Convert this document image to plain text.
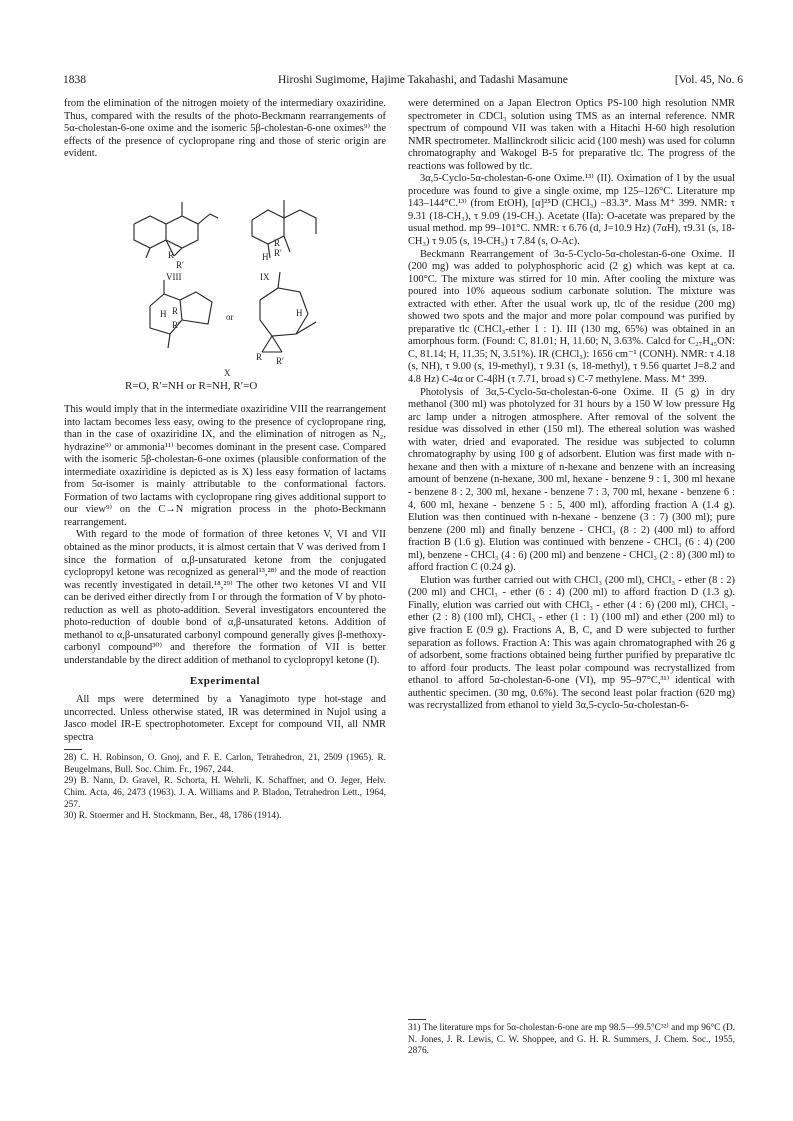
1838	Hiroshi Sugimome, Hajime Takahashi, and Tadashi Masamune	[Vol. 45, No. 6

from the elimination of the nitrogen moiety of the intermediary oxaziridine. Thus, compared with the results of the photo-Beckmann rearrangements of 5α-cholestan-6-one oxime and the isomeric 5β-cholestan-6-one oximes⁹⁾ the effects of the presence of cyclopropane ring and those of steric origin are evident.

R
R′
R
R′
H
H R
R′
H
R R′
VIII	IX
X
or
R=O, R′=NH or R=NH, R′=O

This would imply that in the intermediate oxaziridine VIII the rearrangement into lactam becomes less easy, owing to the presence of cyclopropane ring, than in the case of oxaziridine IX, and the elimination of nitrogen as N₂, hydrazine⁹⁾ or ammonia¹¹⁾ becomes dominant in the present case. Compared with the isomeric 5β-cholestan-6-one oximes (plausible conformation of the intermediate oxaziridine is depicted as is X) less easy formation of lactams from 5α-isomer is mainly attributable to the conformational factors. Formation of two lactams with cyclopropane ring gives additional support to our view⁹⁾ on the C→N migration process in the photo-Beckmann rearrangement.

With regard to the mode of formation of three ketones V, VI and VII obtained as the minor products, it is almost certain that V was derived from I since the formation of α,β-unsaturated ketone from the conjugated cyclopropyl ketone was recognized as general¹³,²⁸⁾ and the mode of reaction was recently investigated in detail.¹⁸,²⁹⁾ The other two ketones VI and VII can be derived either directly from I or through the formation of V by photo-reduction as well as photo-addition. Several investigators encountered the photo-reduction of double bond of α,β-unsaturated ketons. Addition of methanol to α,β-unsaturated carbonyl compound generally gives β-methoxy-carbonyl compound³⁰⁾ and therefore the formation of VII is better understandable by the direct addition of methanol to cyclopropyl ketone (I).

Experimental

All mps were determined by a Yanagimoto type hot-stage and uncorrected. Unless otherwise stated, IR was determined in Nujol using a Jasco model IR-E spectrophotometer. Except for compound VII, all NMR spectra

28) C. H. Robinson, O. Gnoj, and F. E. Carlon, Tetrahedron, 21, 2509 (1965). R. Beugelmans, Bull. Soc. Chim. Fr., 1967, 244.

29) B. Nann, D. Gravel, R. Schorta, H. Wehrli, K. Schaffner, and O. Jeger, Helv. Chim. Acta, 46, 2473 (1963). J. A. Williams and P. Bladon, Tetrahedron Lett., 1964, 257.

30) R. Stoermer and H. Stockmann, Ber., 48, 1786 (1914).

were determined on a Japan Electron Optics PS-100 high resolution NMR spectrometer in CDCl₃ solution using TMS as an internal reference. NMR spectrum of compound VII was taken with a Hitachi H-60 high resolution NMR spectrometer. Mallinckrodt silicic acid (100 mesh) was used for column chromatography and Wakogel B-5 for preparative tlc. The progress of the reactions was followed by tlc.

3α,5-Cyclo-5α-cholestan-6-one Oxime.¹³⁾ (II). Oximation of I by the usual procedure was found to give a single oxime, mp 125–126°C. Literature mp 143–144°C.¹³⁾ (from EtOH), [α]²⁵D (CHCl₃) −83.3°. Mass M⁺ 399. NMR: τ 9.31 (18-CH₃), τ 9.09 (19-CH₃). Acetate (IIa): O-acetate was prepared by the usual method. mp 99–101°C. NMR: τ 6.76 (d, J=10.9 Hz) (7αH), τ9.31 (s, 18-CH₃) τ 9.05 (s, 19-CH₃) τ 7.84 (s, O-Ac).

Beckmann Rearrangement of 3α-5-Cyclo-5α-cholestan-6-one Oxime. II (200 mg) was added to polyphosphoric acid (2 g) which was kept at ca. 100°C. The mixture was stirred for 10 min. After cooling the mixture was poured into 10% aqueous sodium carbonate solution. The mixture was extracted with ether. After the usual work up, tlc of the residue (200 mg) showed two spots and the major and more polar compound was purified by preparative tlc (CHCl₃-ether 1 : 1). III (130 mg, 65%) was obtained in an amorphous form. (Found: C, 81.01; H, 11.60; N, 3.63%. Calcd for C₂₇H₄₅ON: C, 81.14; H, 11.35; N, 3.51%). IR (CHCl₃): 1656 cm⁻¹ (CONH). NMR: τ 4.18 (s, NH), τ 9.00 (s, 19-methyl), τ 9.31 (s, 18-methyl), τ 9.56 quartet J=8.2 and 4.8 Hz) C-4α or C-4βH (τ 7.71, broad s) C-7 methylene. Mass. M⁺ 399.

Photolysis of 3α,5-Cyclo-5α-cholestan-6-one Oxime. II (5 g) in dry methanol (300 ml) was photolyzed for 31 hours by a 150 W low pressure Hg arc lamp under a nitrogen atmosphere. After removal of the solvent the residue was dissolved in ether (150 ml). The ethereal solution was washed with water, dried and evaporated. The residue was subjected to column chromatography by using 100 g of adsorbent. Elution was first made with n-hexane and then with a mixture of n-hexane and benzene with an increasing amount of benzene (n-hexane, 300 ml, hexane - benzene 9 : 1, 300 ml hexane - benzene 8 : 2, 300 ml, hexane - benzene 7 : 3, 700 ml, hexane - benzene 6 : 4, 600 ml, hexane - benzene 5 : 5, 400 ml), affording fraction A (1.4 g). Elution was then continued with n-hexane - benzene (3 : 7) (300 ml); pure benzene (200 ml) and finally benzene - CHCl₃ (8 : 2) (400 ml) to afford fraction B (1.6 g). Elution was continued with benzene - CHCl₃ (6 : 4) (200 ml), benzene - CHCl₃ (4 : 6) (200 ml) and benzene - CHCl₃ (2 : 8) (300 ml) to afford fraction C (0.24 g).

Elution was further carried out with CHCl₃ (200 ml), CHCl₃ - ether (8 : 2) (200 ml) and CHCl₃ - ether (6 : 4) (200 ml) to afford fraction D (1.3 g). Finally, elution was carried out with CHCl₃ - ether (4 : 6) (200 ml), CHCl₃ - ether (2 : 8) (100 ml), CHCl₃ - ether (1 : 1) (100 ml) and ether (200 ml) to give fraction E (0.9 g). Fractions A, B, C, and D were subjected to further separation as follows. Fraction A: This was again chromatographed with 26 g of adsorbent, some fractions obtained being further purified by preparative tlc to afford four products. The least polar compound was recrystallized from ethanol to afford 5α-cholestan-6-one (VI), mp 95–97°C,³¹⁾ identical with authentic specimen. (30 mg, 0.6%). The second least polar fraction (620 mg) was recrystallized from ethanol to yield 3α,5-cyclo-5α-cholestan-6-

31) The literature mps for 5α-cholestan-6-one are mp 98.5—99.5°C³²⁾ and mp 96°C (D. N. Jones, J. R. Lewis, C. W. Shoppee, and G. H. R. Summers, J. Chem. Soc., 1955, 2876.
